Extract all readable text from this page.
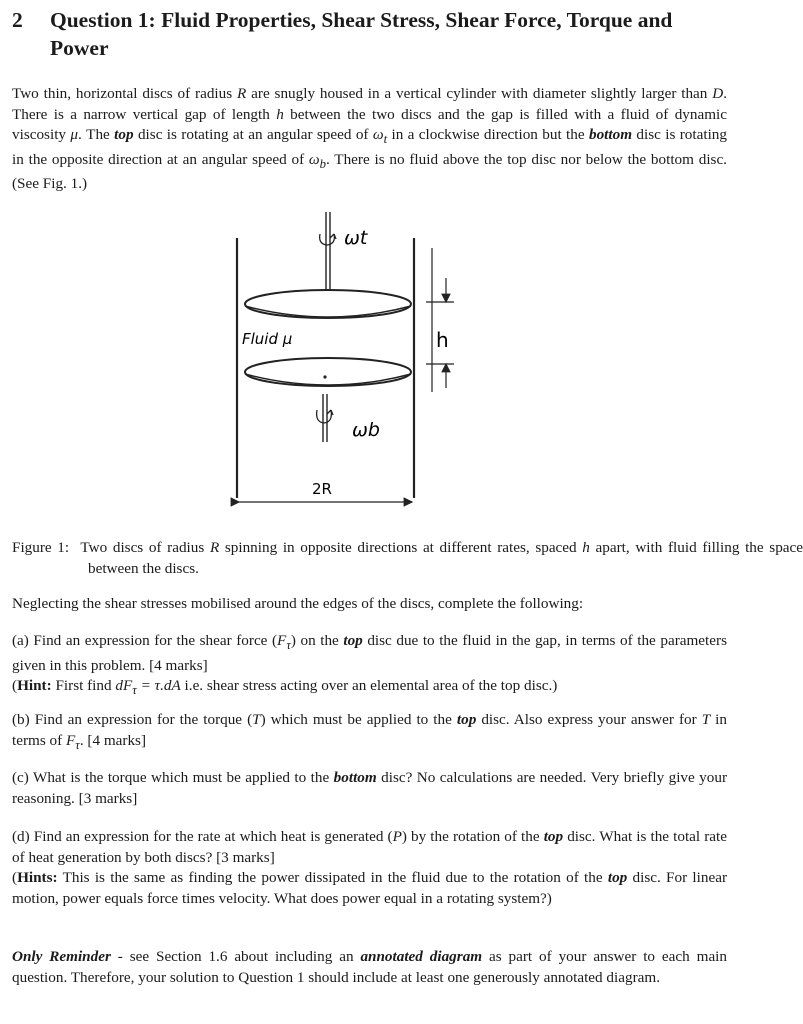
2 Question 1: Fluid Properties, Shear Stress, Shear Force, Torque and Power
Two thin, horizontal discs of radius R are snugly housed in a vertical cylinder with diameter slightly larger than D. There is a narrow vertical gap of length h between the two discs and the gap is filled with a fluid of dynamic viscosity μ. The top disc is rotating at an angular speed of $\omega_t$ in a clockwise direction but the bottom disc is rotating in the opposite direction at an angular speed of $\omega_b$. There is no fluid above the top disc nor below the bottom disc. (See Fig. 1.)
ωt
Fluid μ
ωb
h
2R
Figure 1: Two discs of radius R spinning in opposite directions at different rates, spaced h apart, with fluid filling the space between the discs.
Neglecting the shear stresses mobilised around the edges of the discs, complete the following:
(a) Find an expression for the shear force $(F_\tau)$ on the top disc due to the fluid in the gap, in terms of the parameters given in this problem. [4 marks]
(Hint: First find $dF_\tau = \tau.dA$ i.e. shear stress acting over an elemental area of the top disc.)
(b) Find an expression for the torque (T) which must be applied to the top disc. Also express your answer for T in terms of $F_\tau$. [4 marks]
(c) What is the torque which must be applied to the bottom disc? No calculations are needed. Very briefly give your reasoning. [3 marks]
(d) Find an expression for the rate at which heat is generated (P) by the rotation of the top disc. What is the total rate of heat generation by both discs? [3 marks]
(Hints: This is the same as finding the power dissipated in the fluid due to the rotation of the top disc. For linear motion, power equals force times velocity. What does power equal in a rotating system?)
Only Reminder - see Section 1.6 about including an annotated diagram as part of your answer to each main question. Therefore, your solution to Question 1 should include at least one generously annotated diagram.
